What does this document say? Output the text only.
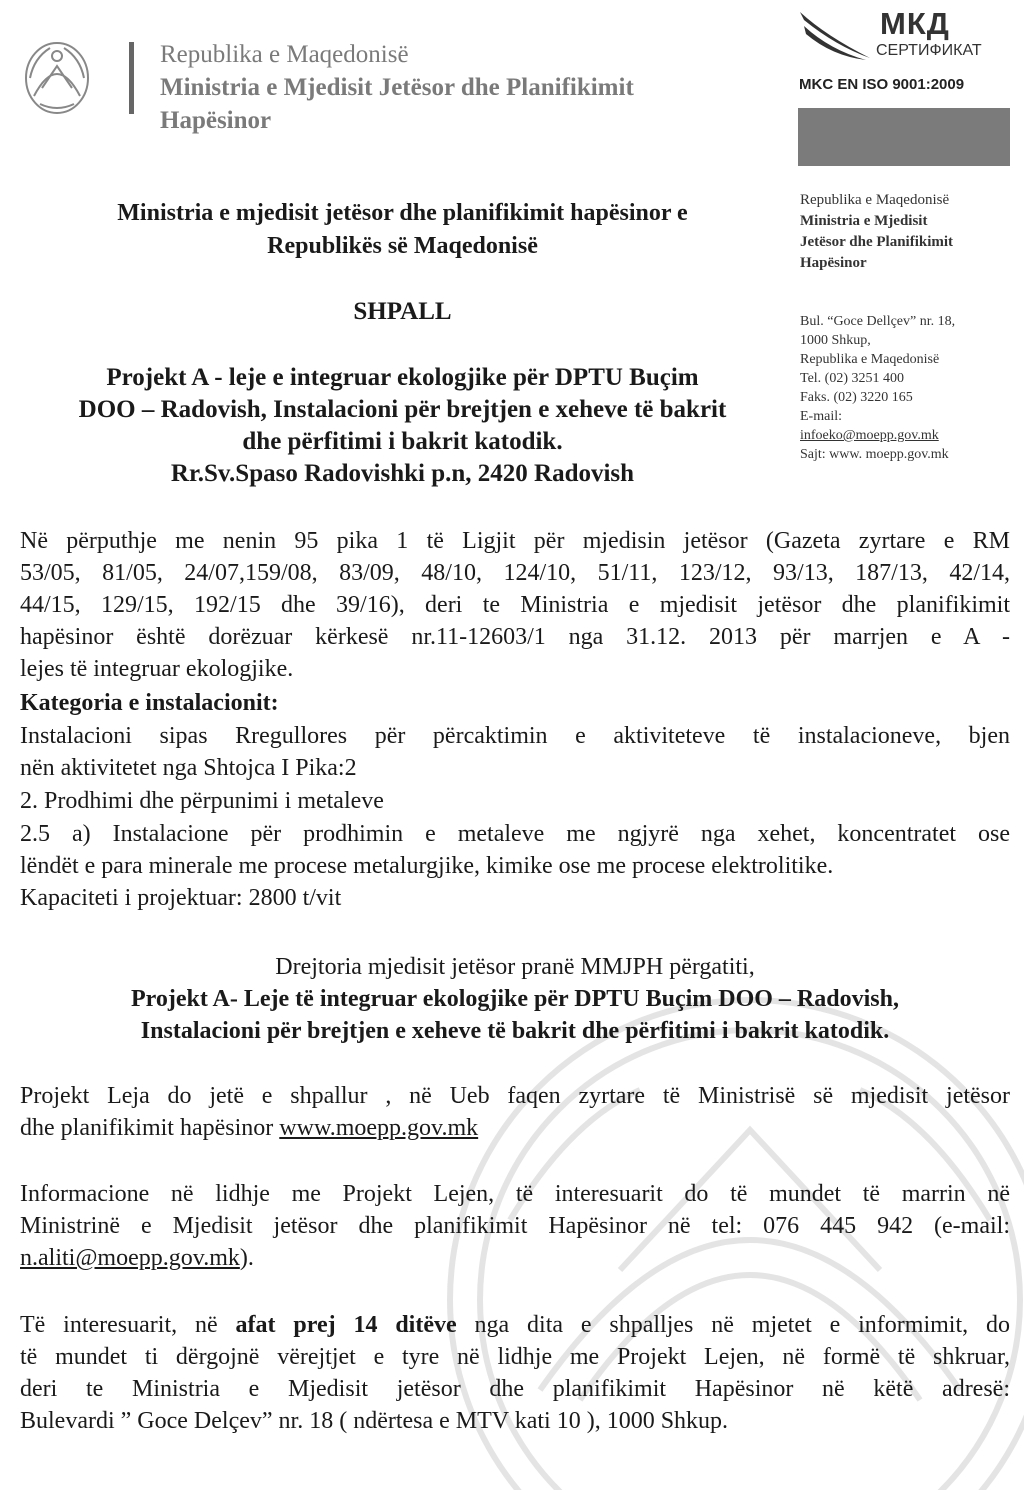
Republika e Maqedonisë
Ministria e Mjedisit Jetësor dhe Planifikimit
Hapësinor
МКД
СЕРТИФИКАТ
MKC EN ISO 9001:2009
Republika e Maqedonisë
Ministria e Mjedisit
Jetësor dhe Planifikimit
Hapësinor
Bul. “Goce Dellçev” nr. 18,
1000 Shkup,
Republika e Maqedonisë
Tel. (02) 3251 400
Faks. (02) 3220 165
E-mail:
infoeko@moepp.gov.mk
Sajt: www. moepp.gov.mk
Ministria e mjedisit jetësor dhe planifikimit hapësinor e
Republikës së Maqedonisë
SHPALL
Projekt A - leje e integruar ekologjike për DPTU Buçim
DOO – Radovish, Instalacioni për brejtjen e xeheve të bakrit
dhe përfitimi i bakrit katodik.
Rr.Sv.Spaso Radovishki p.n, 2420 Radovish
Në përputhje me nenin 95 pika 1 të Ligjit për mjedisin jetësor (Gazeta zyrtare e RM
53/05, 81/05, 24/07,159/08, 83/09, 48/10, 124/10, 51/11, 123/12, 93/13, 187/13, 42/14,
44/15, 129/15, 192/15 dhe 39/16), deri te Ministria e mjedisit jetësor dhe planifikimit
hapësinor është dorëzuar kërkesë nr.11-12603/1 nga 31.12. 2013 për marrjen e A -
lejes të integruar ekologjike.
Kategoria e instalacionit:
Instalacioni sipas Rregullores për përcaktimin e aktiviteteve të instalacioneve, bjen
nën aktivitetet nga Shtojca I Pika:2
2. Prodhimi dhe përpunimi i metaleve
2.5 a) Instalacione për prodhimin e metaleve me ngjyrë nga xehet, koncentratet ose
lëndët e para minerale me procese metalurgjike, kimike ose me procese elektrolitike.
Kapaciteti i projektuar: 2800 t/vit
Drejtoria mjedisit jetësor pranë MMJPH përgatiti,
Projekt A- Leje të integruar ekologjike për DPTU Buçim DOO – Radovish,
Instalacioni për brejtjen e xeheve të bakrit dhe përfitimi i bakrit katodik.
Projekt Leja do jetë e shpallur , në Ueb faqen zyrtare të Ministrisë së mjedisit jetësor
dhe planifikimit hapësinor www.moepp.gov.mk
Informacione në lidhje me Projekt Lejen, të interesuarit do të mundet të marrin në
Ministrinë e Mjedisit jetësor dhe planifikimit Hapësinor në tel: 076 445 942 (e-mail:
n.aliti@moepp.gov.mk).
Të interesuarit, në afat prej 14 ditëve nga dita e shpalljes në mjetet e informimit, do
të mundet ti dërgojnë vërejtjet e tyre në lidhje me Projekt Lejen, në formë të shkruar,
deri te Ministria e Mjedisit jetësor dhe planifikimit Hapësinor në këtë adresë:
Bulevardi ” Goce Delçev” nr. 18 ( ndërtesa e MTV kati 10 ), 1000 Shkup.
